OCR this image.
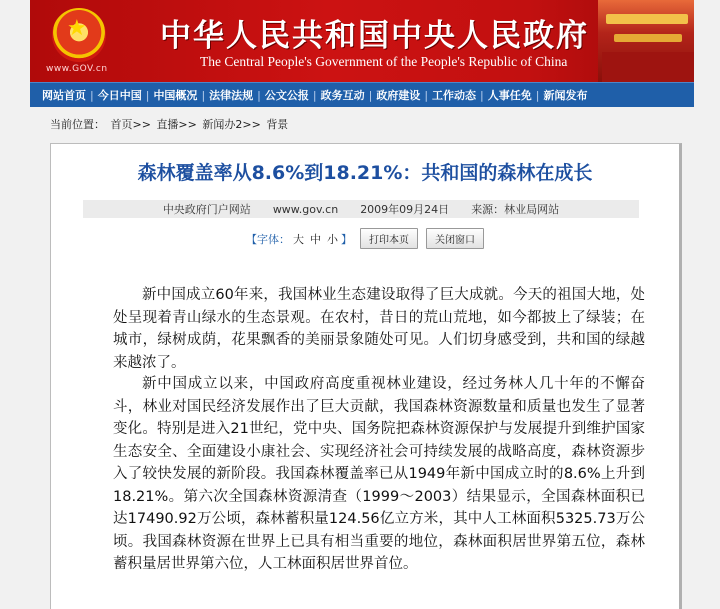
★
www.GOV.cn
中华人民共和国中央人民政府
The Central People's Government of the People's Republic of China
网站首页 | 今日中国 | 中国概况 | 法律法规 | 公文公报 | 政务互动 | 政府建设 | 工作动态 | 人事任免 | 新闻发布
当前位置： 首页>> 直播>> 新闻办2>> 背景
森林覆盖率从8.6%到18.21%：共和国的森林在成长
中央政府门户网站 www.gov.cn 2009年09月24日 来源：林业局网站
【字体： 大 中 小 】	打印本页	关闭窗口

新中国成立60年来，我国林业生态建设取得了巨大成就。今天的祖国大地，处处呈现着青山绿水的生态景观。在农村，昔日的荒山荒地，如今都披上了绿装；在城市，绿树成荫，花果飘香的美丽景象随处可见。人们切身感受到，共和国的绿越来越浓了。

新中国成立以来，中国政府高度重视林业建设，经过务林人几十年的不懈奋斗，林业对国民经济发展作出了巨大贡献，我国森林资源数量和质量也发生了显著变化。特别是进入21世纪，党中央、国务院把森林资源保护与发展提升到维护国家生态安全、全面建设小康社会、实现经济社会可持续发展的战略高度，森林资源步入了较快发展的新阶段。我国森林覆盖率已从1949年新中国成立时的8.6%上升到18.21%。第六次全国森林资源清查（1999～2003）结果显示，全国森林面积已达17490.92万公顷，森林蓄积量124.56亿立方米，其中人工林面积5325.73万公顷。我国森林资源在世界上已具有相当重要的地位，森林面积居世界第五位，森林蓄积量居世界第六位，人工林面积居世界首位。
